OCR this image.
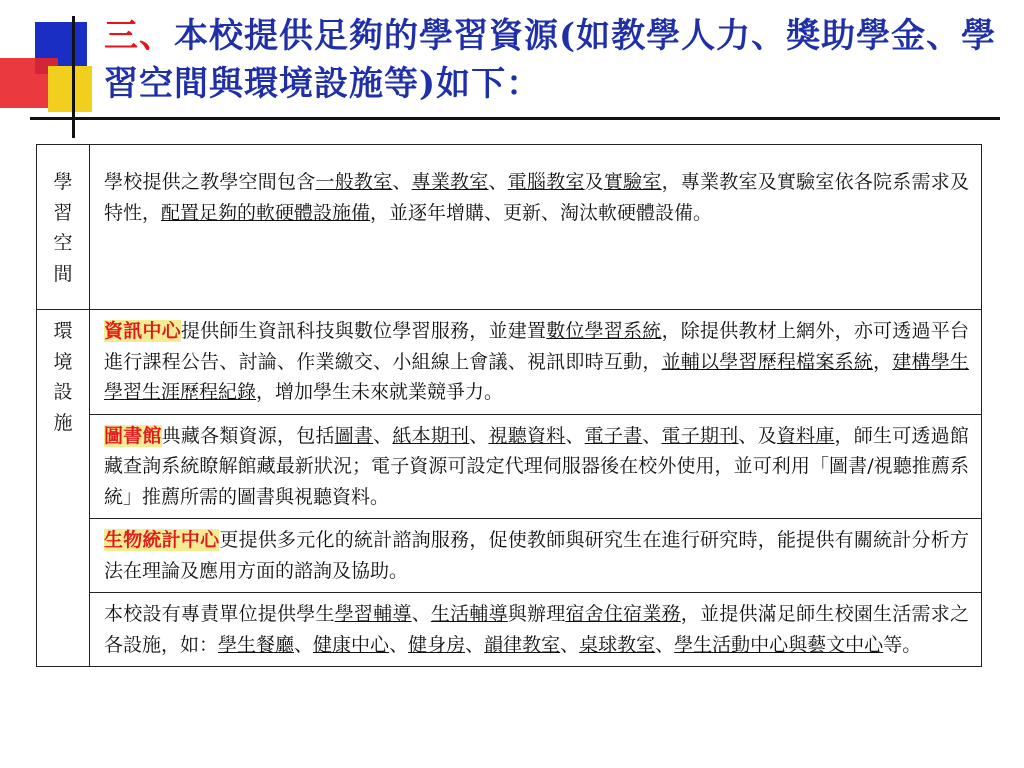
三、本校提供足夠的學習資源(如教學人力、獎助學金、學習空間與環境設施等)如下：
學習空間	學校提供之教學空間包含一般教室、專業教室、電腦教室及實驗室，專業教室及實驗室依各院系需求及特性，配置足夠的軟硬體設施備，並逐年增購、更新、淘汰軟硬體設備。
環境設施	資訊中心提供師生資訊科技與數位學習服務，並建置數位學習系統，除提供教材上網外，亦可透過平台進行課程公告、討論、作業繳交、小組線上會議、視訊即時互動，並輔以學習歷程檔案系統，建構學生學習生涯歷程紀錄，增加學生未來就業競爭力。
	圖書館典藏各類資源，包括圖書、紙本期刊、視聽資料、電子書、電子期刊、及資料庫，師生可透過館藏查詢系統瞭解館藏最新狀況；電子資源可設定代理伺服器後在校外使用，並可利用「圖書/視聽推薦系統」推薦所需的圖書與視聽資料。
	生物統計中心更提供多元化的統計諮詢服務，促使教師與研究生在進行研究時，能提供有關統計分析方法在理論及應用方面的諮詢及協助。
	本校設有專責單位提供學生學習輔導、生活輔導與辦理宿舍住宿業務，並提供滿足師生校園生活需求之各設施，如：學生餐廳、健康中心、健身房、韻律教室、桌球教室、學生活動中心與藝文中心等。
